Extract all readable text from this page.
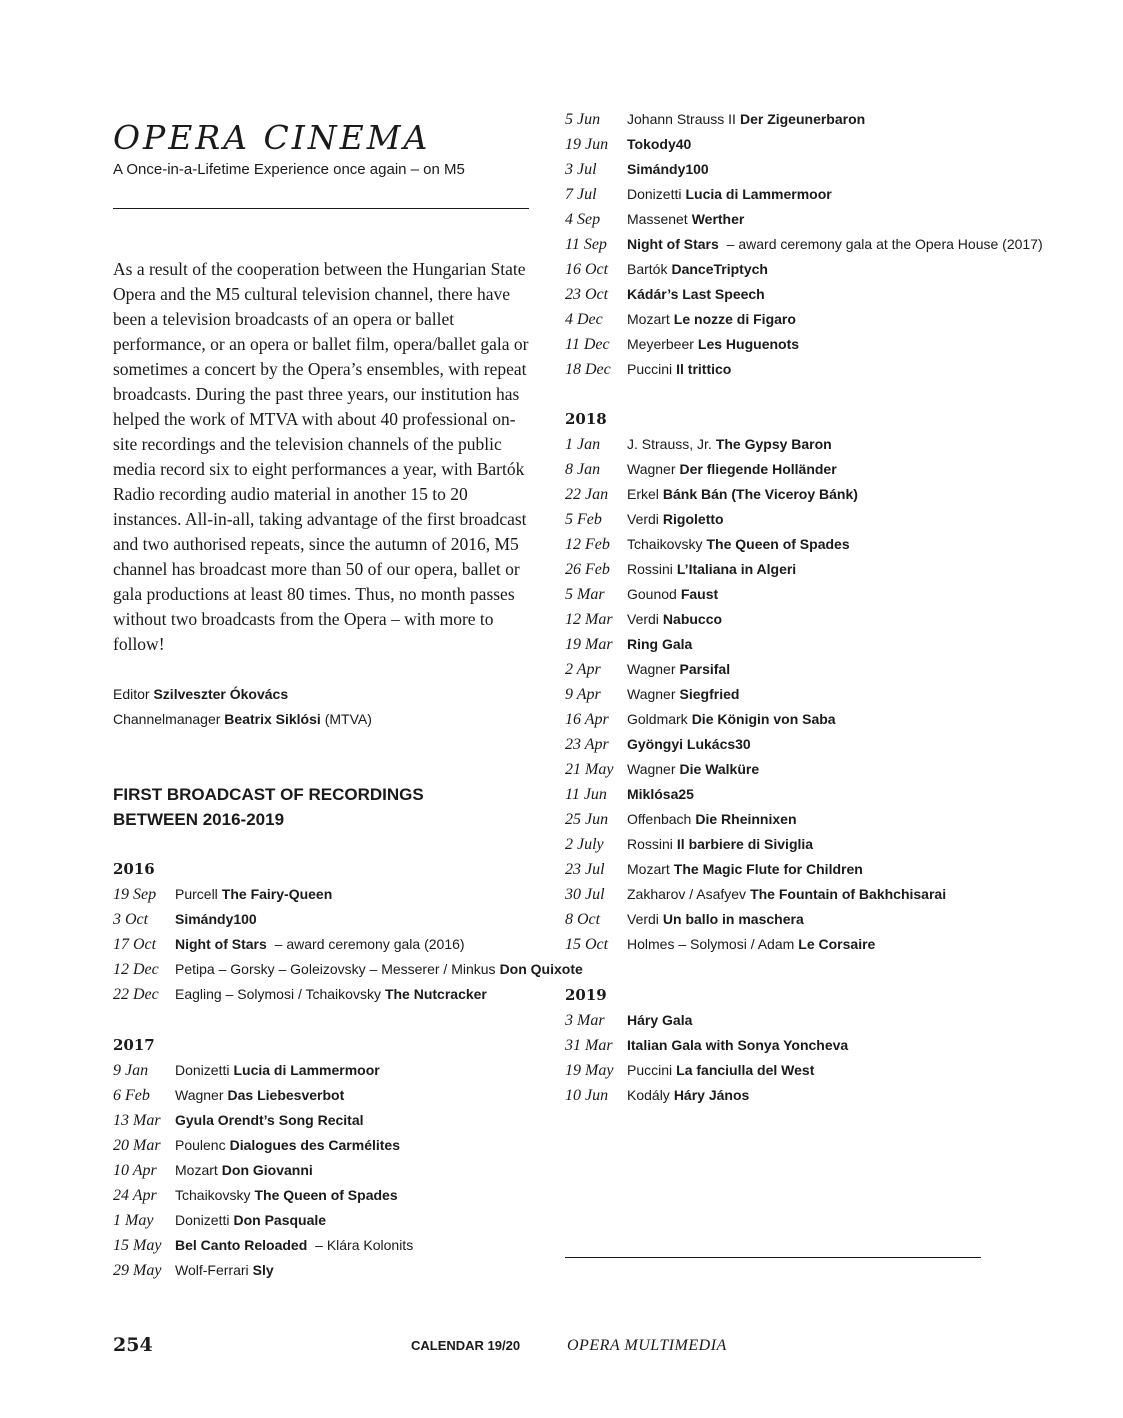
OPERA CINEMA
A Once-in-a-Lifetime Experience once again – on M5

As a result of the cooperation between the Hungarian State Opera and the M5 cultural television channel, there have been a television broadcasts of an opera or ballet performance, or an opera or ballet film, opera/ballet gala or sometimes a concert by the Opera’s ensembles, with repeat broadcasts. During the past three years, our institution has helped the work of MTVA with about 40 professional on-site recordings and the television channels of the public media record six to eight performances a year, with Bartók Radio recording audio material in another 15 to 20 instances. All-in-all, taking advantage of the first broadcast and two authorised repeats, since the autumn of 2016, M5 channel has broadcast more than 50 of our opera, ballet or gala productions at least 80 times. Thus, no month passes without two broadcasts from the Opera – with more to follow!

Editor Szilveszter Ókovács
Channelmanager Beatrix Siklósi (MTVA)
FIRST BROADCAST OF RECORDINGS
BETWEEN 2016-2019
2016
19 Sep Purcell The Fairy-Queen
3 Oct Simándy100
17 Oct Night of Stars – award ceremony gala (2016)
12 Dec Petipa – Gorsky – Goleizovsky – Messerer / Minkus Don Quixote
22 Dec Eagling – Solymosi / Tchaikovsky The Nutcracker
2017
9 Jan Donizetti Lucia di Lammermoor
6 Feb Wagner Das Liebesverbot
13 Mar Gyula Orendt’s Song Recital
20 Mar Poulenc Dialogues des Carmélites
10 Apr Mozart Don Giovanni
24 Apr Tchaikovsky The Queen of Spades
1 May Donizetti Don Pasquale
15 May Bel Canto Reloaded – Klára Kolonits
29 May Wolf-Ferrari Sly
5 Jun Johann Strauss II Der Zigeunerbaron
19 Jun Tokody40
3 Jul Simándy100
7 Jul Donizetti Lucia di Lammermoor
4 Sep Massenet Werther
11 Sep Night of Stars – award ceremony gala at the Opera House (2017)
16 Oct Bartók DanceTriptych
23 Oct Kádár’s Last Speech
4 Dec Mozart Le nozze di Figaro
11 Dec Meyerbeer Les Huguenots
18 Dec Puccini Il trittico
2018
1 Jan J. Strauss, Jr. The Gypsy Baron
8 Jan Wagner Der fliegende Holländer
22 Jan Erkel Bánk Bán (The Viceroy Bánk)
5 Feb Verdi Rigoletto
12 Feb Tchaikovsky The Queen of Spades
26 Feb Rossini L’Italiana in Algeri
5 Mar Gounod Faust
12 Mar Verdi Nabucco
19 Mar Ring Gala
2 Apr Wagner Parsifal
9 Apr Wagner Siegfried
16 Apr Goldmark Die Königin von Saba
23 Apr Gyöngyi Lukács30
21 May Wagner Die Walküre
11 Jun Miklósa25
25 Jun Offenbach Die Rheinnixen
2 July Rossini Il barbiere di Siviglia
23 Jul Mozart The Magic Flute for Children
30 Jul Zakharov / Asafyev The Fountain of Bakhchisarai
8 Oct Verdi Un ballo in maschera
15 Oct Holmes – Solymosi / Adam Le Corsaire
2019
3 Mar Háry Gala
31 Mar Italian Gala with Sonya Yoncheva
19 May Puccini La fanciulla del West
10 Jun Kodály Háry János
254	CALENDAR 19/20	OPERA MULTIMEDIA
